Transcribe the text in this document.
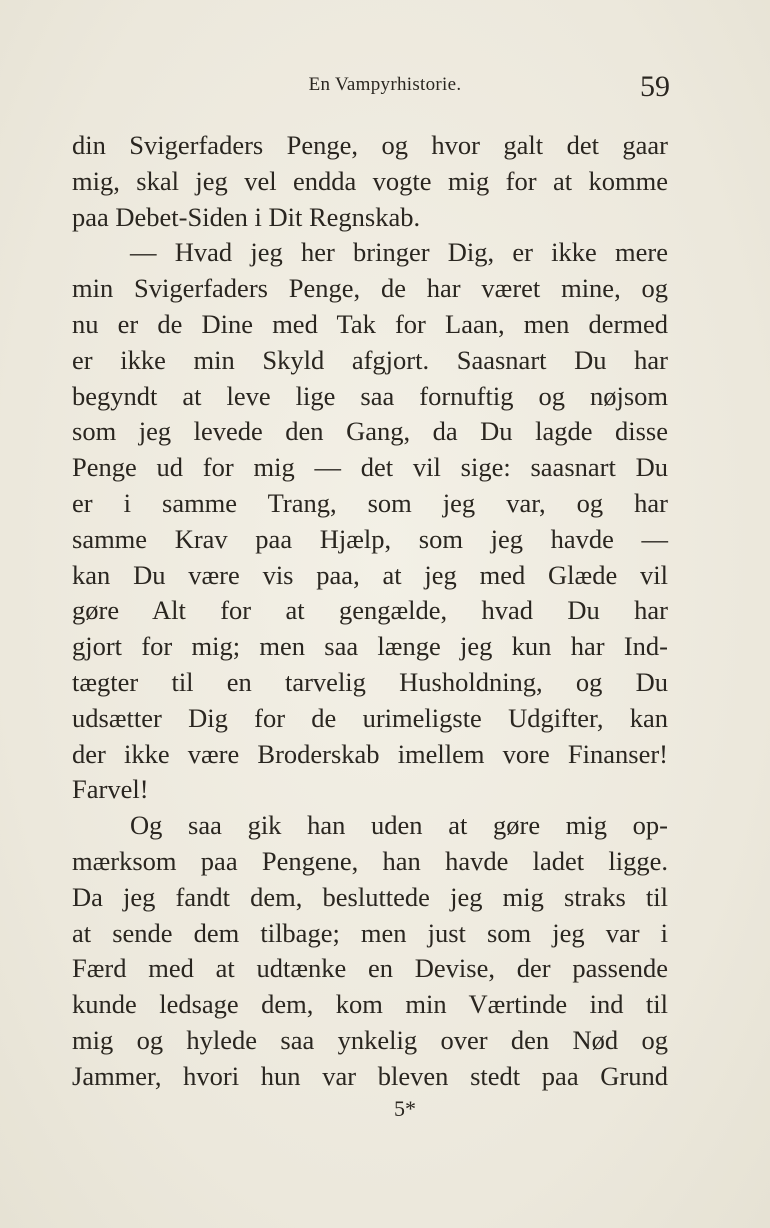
En Vampyrhistorie.	59
din Svigerfaders Penge, og hvor galt det gaar
mig, skal jeg vel endda vogte mig for at komme
paa Debet-Siden i Dit Regnskab.
— Hvad jeg her bringer Dig, er ikke mere
min Svigerfaders Penge, de har været mine, og
nu er de Dine med Tak for Laan, men dermed
er ikke min Skyld afgjort. Saasnart Du har
begyndt at leve lige saa fornuftig og nøjsom
som jeg levede den Gang, da Du lagde disse
Penge ud for mig — det vil sige: saasnart Du
er i samme Trang, som jeg var, og har
samme Krav paa Hjælp, som jeg havde —
kan Du være vis paa, at jeg med Glæde vil
gøre Alt for at gengælde, hvad Du har
gjort for mig; men saa længe jeg kun har Ind-
tægter til en tarvelig Husholdning, og Du
udsætter Dig for de urimeligste Udgifter, kan
der ikke være Broderskab imellem vore Finanser!
Farvel!
Og saa gik han uden at gøre mig op-
mærksom paa Pengene, han havde ladet ligge.
Da jeg fandt dem, besluttede jeg mig straks til
at sende dem tilbage; men just som jeg var i
Færd med at udtænke en Devise, der passende
kunde ledsage dem, kom min Værtinde ind til
mig og hylede saa ynkelig over den Nød og
Jammer, hvori hun var bleven stedt paa Grund
5*
